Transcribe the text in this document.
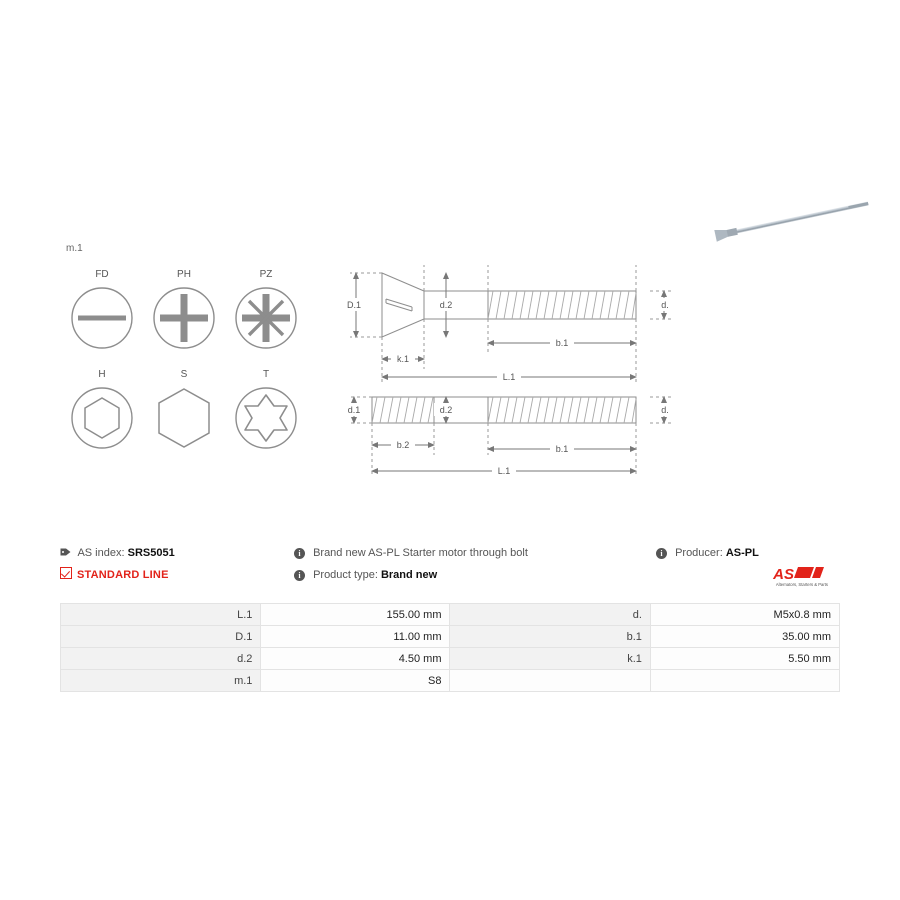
m.1
FD	PH	PZ
H	S	T
D.1	d.2	d.
b.1
k.1
L.1
d.1	d.2	d.
b.2	b.1
L.1
AS index: SRS5051
STANDARD LINE
i Brand new AS-PL Starter motor through bolt
i Product type: Brand new
i Producer: AS-PL
AS
Alternators, Starters & Parts
L.1	155.00 mm	d.	M5x0.8 mm
D.1	11.00 mm	b.1	35.00 mm
d.2	4.50 mm	k.1	5.50 mm
m.1	S8		
